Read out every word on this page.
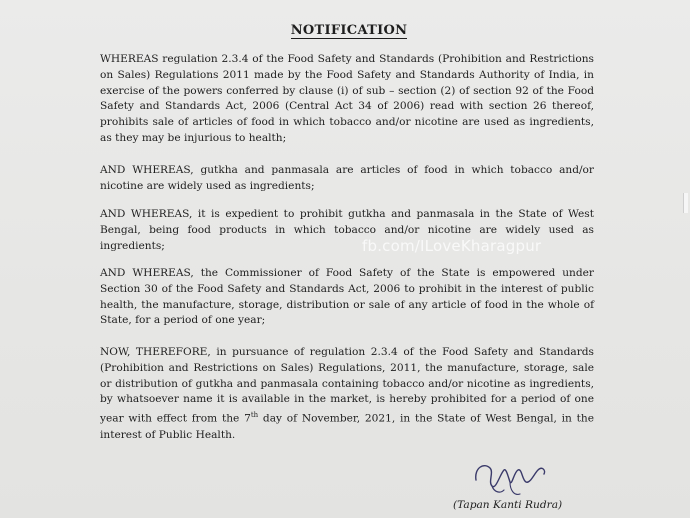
NOTIFICATION

WHEREAS regulation 2.3.4 of the Food Safety and Standards (Prohibition and Restrictions on Sales) Regulations 2011 made by the Food Safety and Standards Authority of India, in exercise of the powers conferred by clause (i) of sub – section (2) of section 92 of the Food Safety and Standards Act, 2006 (Central Act 34 of 2006) read with section 26 thereof, prohibits sale of articles of food in which tobacco and/or nicotine are used as ingredients, as they may be injurious to health;

AND WHEREAS, gutkha and panmasala are articles of food in which tobacco and/or nicotine are widely used as ingredients;

AND WHEREAS, it is expedient to prohibit gutkha and panmasala in the State of West Bengal, being food products in which tobacco and/or nicotine are widely used as ingredients;

AND WHEREAS, the Commissioner of Food Safety of the State is empowered under Section 30 of the Food Safety and Standards Act, 2006 to prohibit in the interest of public health, the manufacture, storage, distribution or sale of any article of food in the whole of State, for a period of one year;

NOW, THEREFORE, in pursuance of regulation 2.3.4 of the Food Safety and Standards (Prohibition and Restrictions on Sales) Regulations, 2011, the manufacture, storage, sale or distribution of gutkha and panmasala containing tobacco and/or nicotine as ingredients, by whatsoever name it is available in the market, is hereby prohibited for a period of one year with effect from the 7th day of November, 2021, in the State of West Bengal, in the interest of Public Health.

fb.com/ILoveKharagpur
(Tapan Kanti Rudra)
